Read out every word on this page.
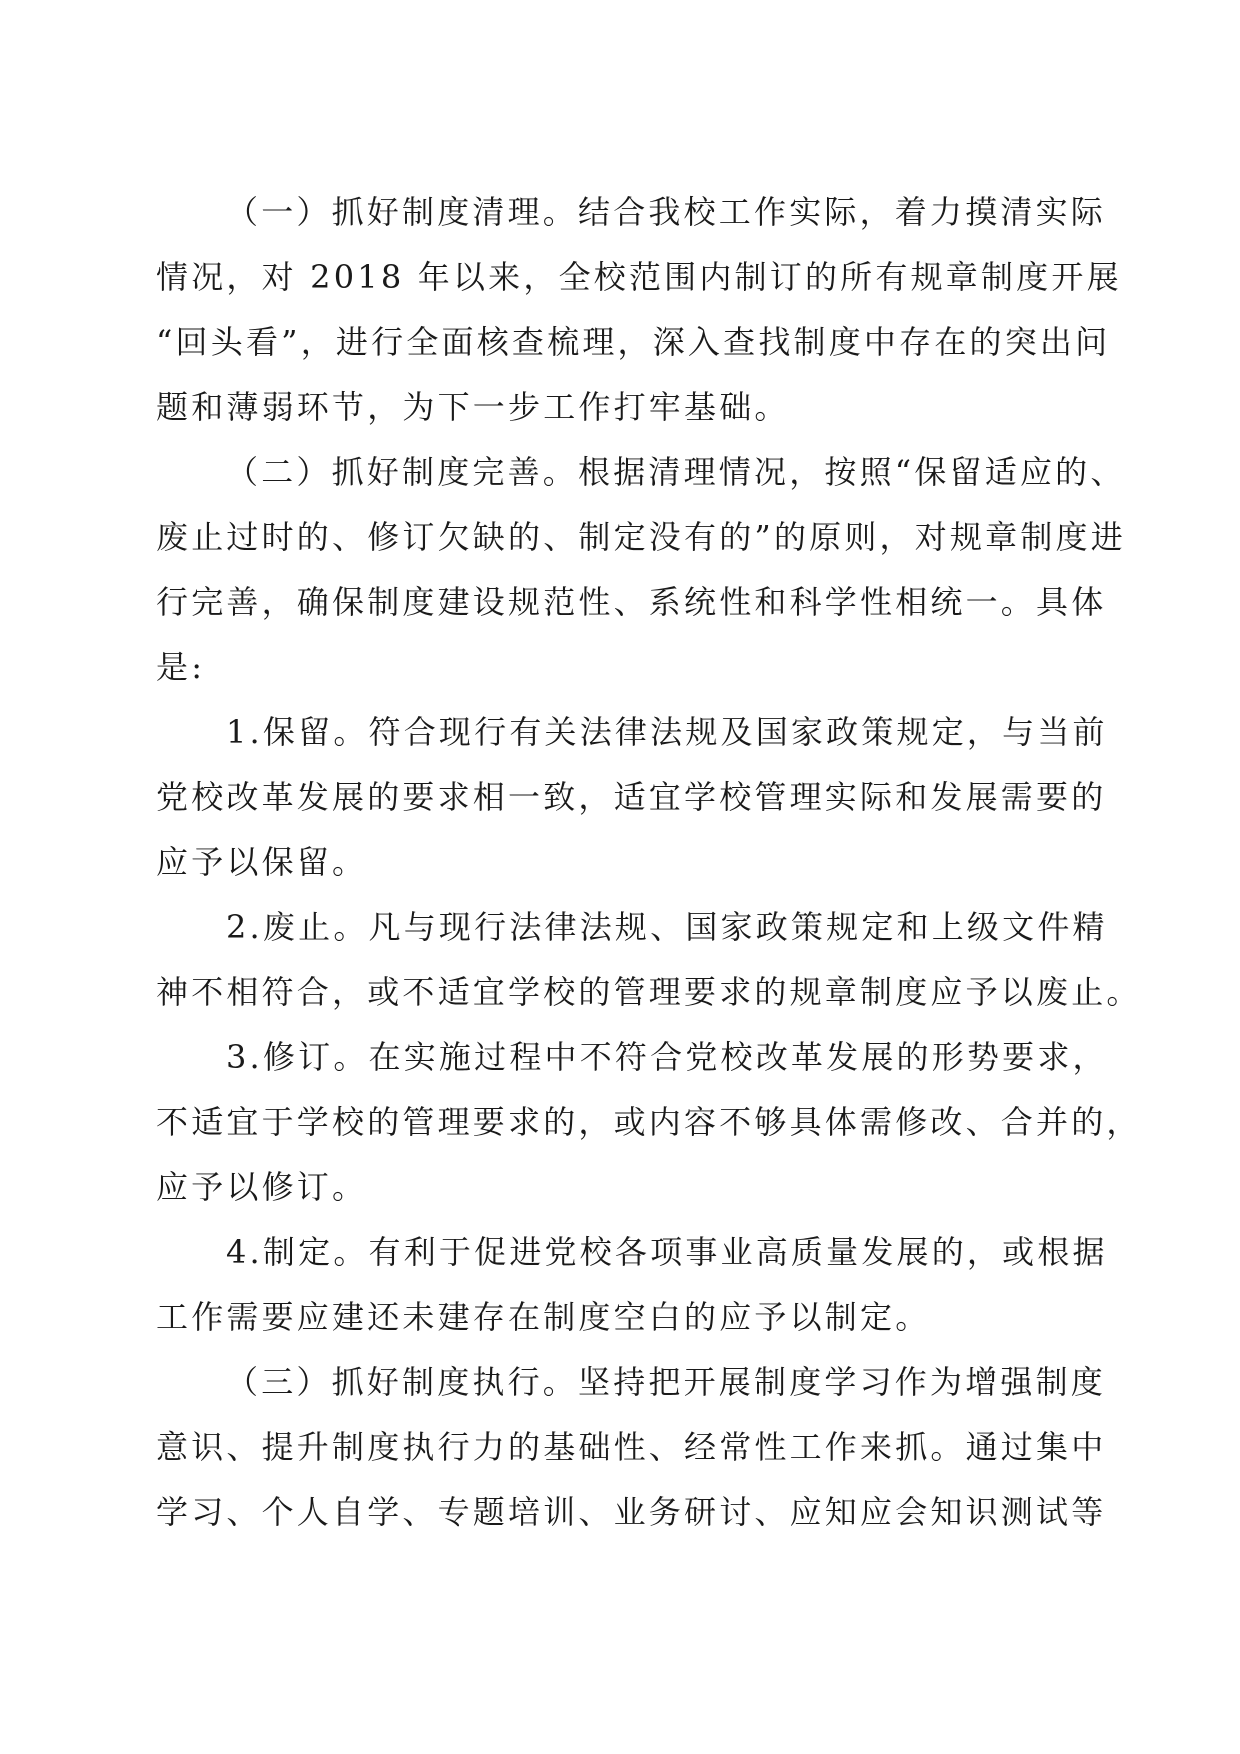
（一）抓好制度清理。结合我校工作实际，着力摸清实际
情况，对 2018 年以来，全校范围内制订的所有规章制度开展
“回头看”，进行全面核查梳理，深入查找制度中存在的突出问
题和薄弱环节，为下一步工作打牢基础。
（二）抓好制度完善。根据清理情况，按照“保留适应的、
废止过时的、修订欠缺的、制定没有的”的原则，对规章制度进
行完善，确保制度建设规范性、系统性和科学性相统一。具体
是:
1.保留。符合现行有关法律法规及国家政策规定，与当前
党校改革发展的要求相一致，适宜学校管理实际和发展需要的
应予以保留。
2.废止。凡与现行法律法规、国家政策规定和上级文件精
神不相符合，或不适宜学校的管理要求的规章制度应予以废止。
3.修订。在实施过程中不符合党校改革发展的形势要求，
不适宜于学校的管理要求的，或内容不够具体需修改、合并的，
应予以修订。
4.制定。有利于促进党校各项事业高质量发展的，或根据
工作需要应建还未建存在制度空白的应予以制定。
（三）抓好制度执行。坚持把开展制度学习作为增强制度
意识、提升制度执行力的基础性、经常性工作来抓。通过集中
学习、个人自学、专题培训、业务研讨、应知应会知识测试等
